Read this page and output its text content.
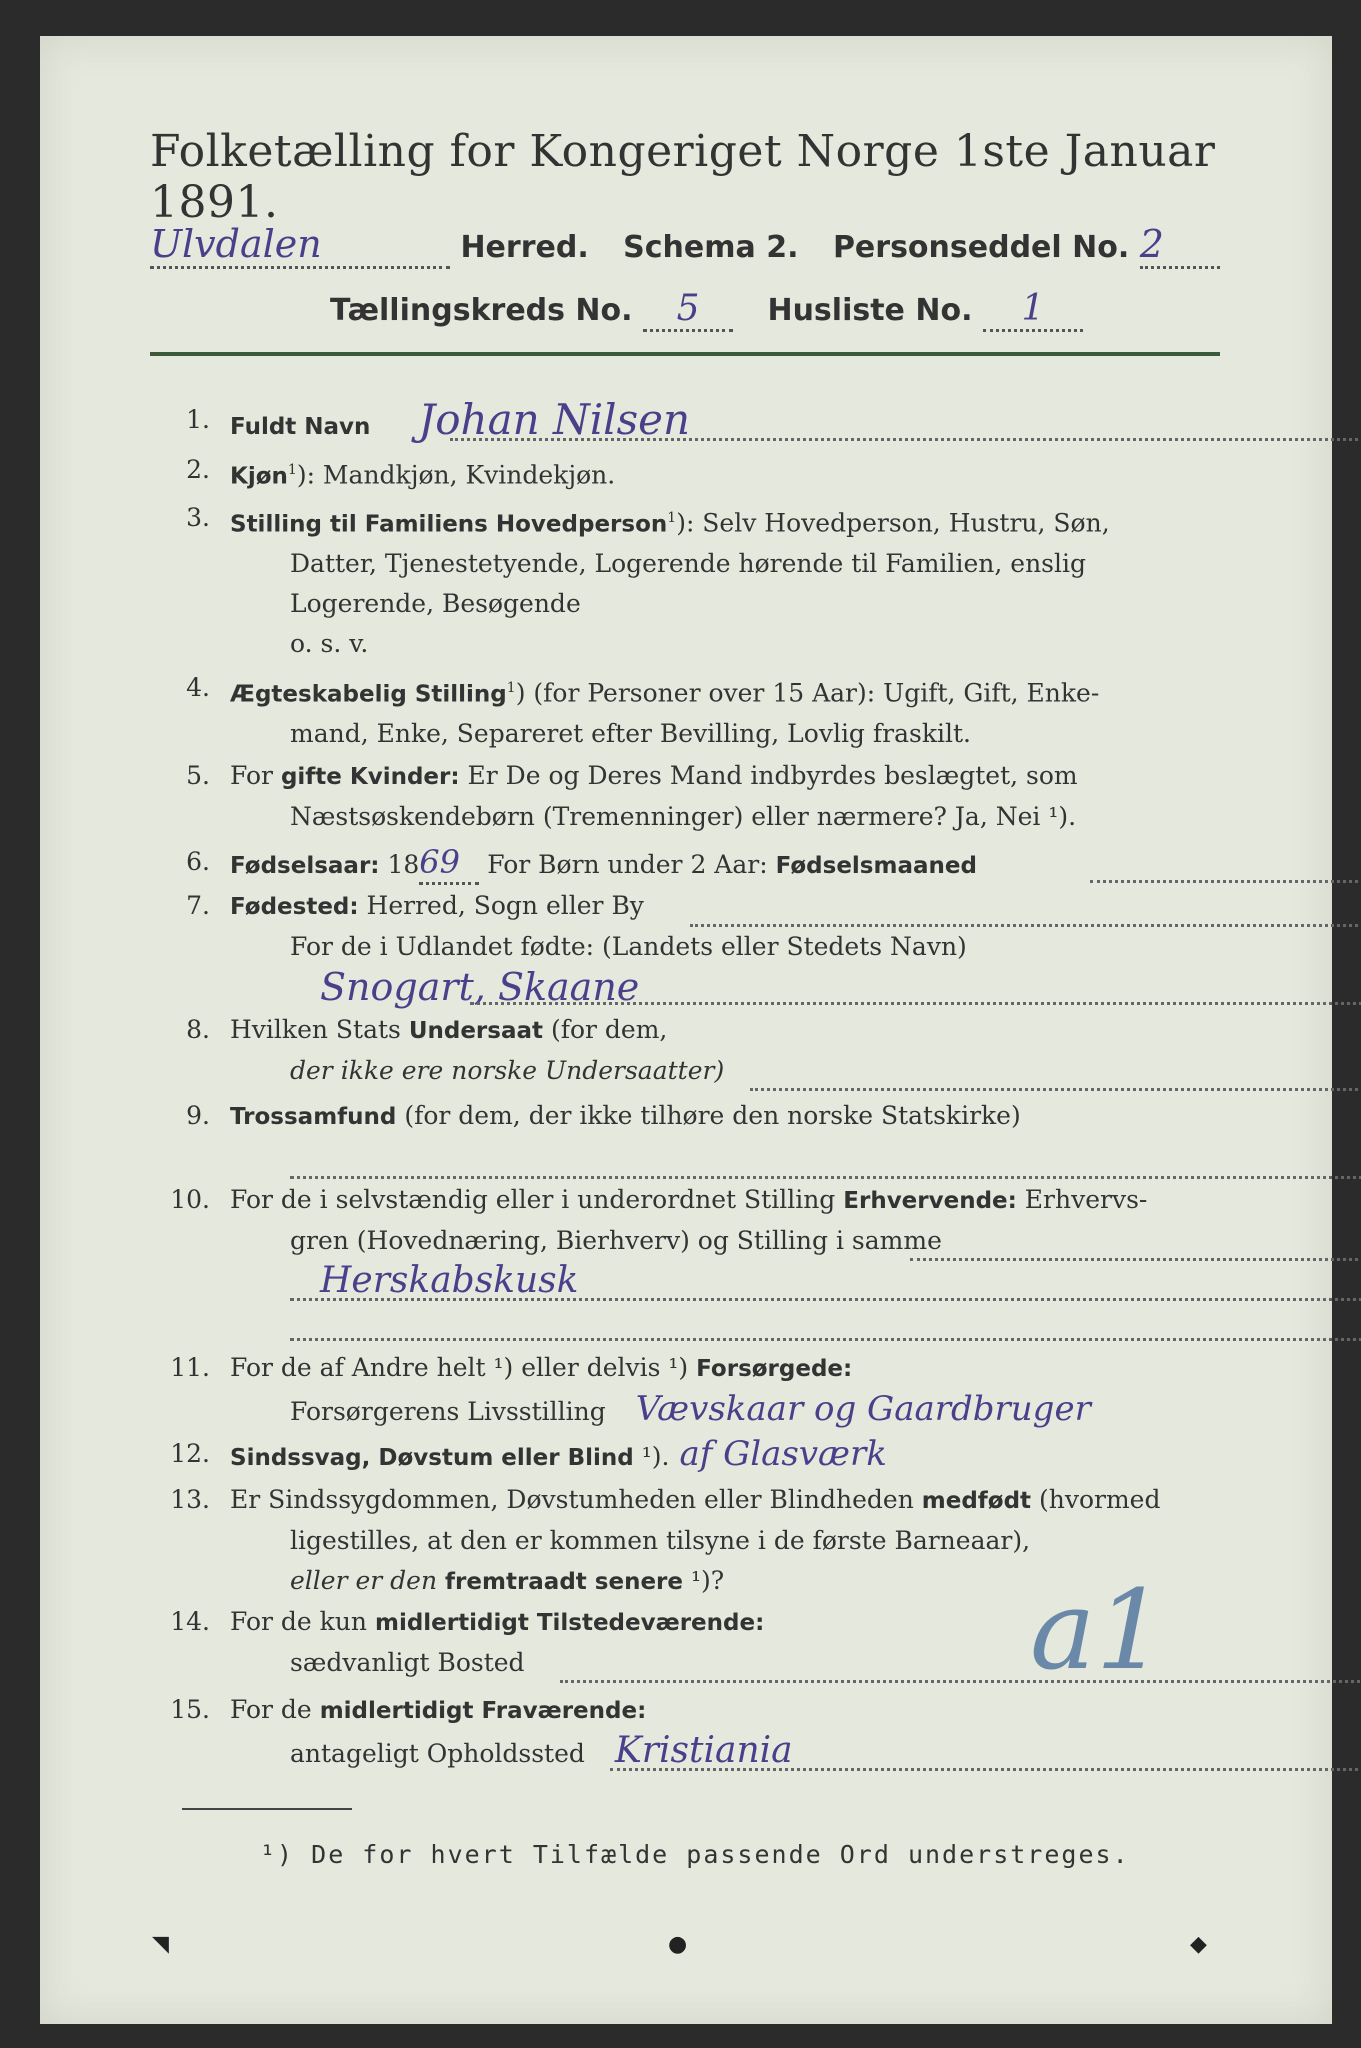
Folketælling for Kongeriget Norge 1ste Januar 1891.
Ulvdalen	Herred. Schema 2. Personseddel No. 2
Tællingskreds No. 5 Husliste No. 1
1. Fuldt Navn Johan Nilsen
2. Kjøn$^1$): Mandkjøn, Kvindekjøn.
3. Stilling til Familiens Hovedperson$^1$): Selv Hovedperson, Hustru, Søn,
Datter, Tjenestetyende, Logerende hørende til Familien, enslig
Logerende, Besøgende
o. s. v.
4. Ægteskabelig Stilling$^1$) (for Personer over 15 Aar): Ugift, Gift, Enke-
mand, Enke, Separeret efter Bevilling, Lovlig fraskilt.
5. For gifte Kvinder: Er De og Deres Mand indbyrdes beslægtet, som
Næstsøskendebørn (Tremenninger) eller nærmere? Ja, Nei ¹).
6. Fødselsaar: 1869 For Børn under 2 Aar: Fødselsmaaned
7. Fødested: Herred, Sogn eller By
For de i Udlandet fødte: (Landets eller Stedets Navn)
Snogart, Skaane
8. Hvilken Stats Undersaat (for dem,
der ikke ere norske Undersaatter)
9. Trossamfund (for dem, der ikke tilhøre den norske Statskirke)
10. For de i selvstændig eller i underordnet Stilling Erhvervende: Erhvervs-
gren (Hovednæring, Bierhverv) og Stilling i samme
Herskabskusk
11. For de af Andre helt ¹) eller delvis ¹) Forsørgede:
Forsørgerens Livsstilling Vævskaar og Gaardbruger
12. Sindssvag, Døvstum eller Blind ¹). af Glasværk
13. Er Sindssygdommen, Døvstumheden eller Blindheden medfødt (hvormed
ligestilles, at den er kommen tilsyne i de første Barneaar),
eller er den fremtraadt senere ¹)?
14. For de kun midlertidigt Tilstedeværende:
sædvanligt Bosted
15. For de midlertidigt Fraværende:
antageligt Opholdssted Kristiania
a1
¹) De for hvert Tilfælde passende Ord understreges.
◥	●	◆
